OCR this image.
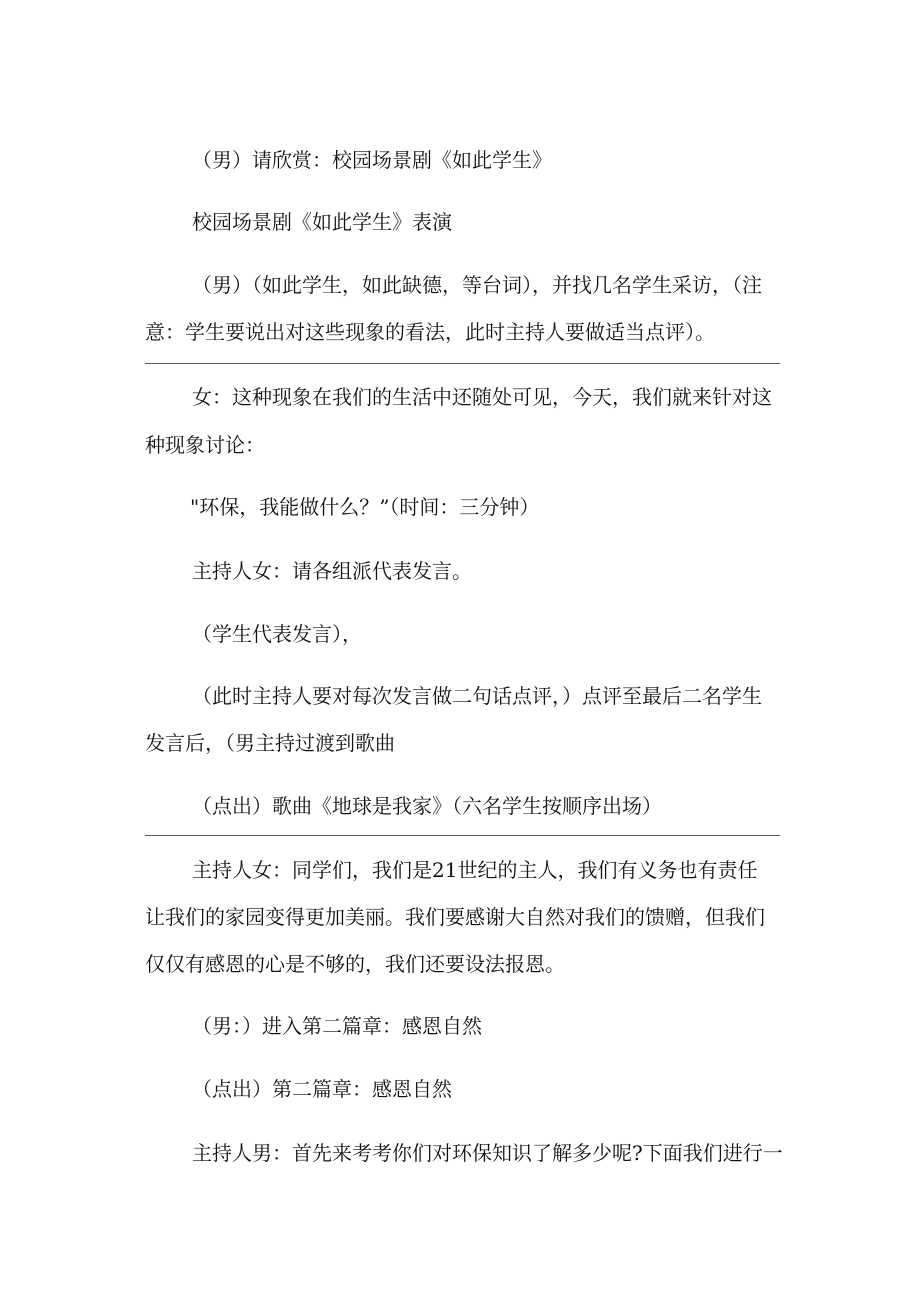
（男）请欣赏：校园场景剧《如此学生》
校园场景剧《如此学生》表演
（男）（如此学生，如此缺德，等台词），并找几名学生采访，（注
意：学生要说出对这些现象的看法，此时主持人要做适当点评）。
女：这种现象在我们的生活中还随处可见，今天，我们就来针对这
种现象讨论：
"环保，我能做什么？”（时间：三分钟）
主持人女：请各组派代表发言。
（学生代表发言），
（此时主持人要对每次发言做二句话点评，）点评至最后二名学生
发言后，（男主持过渡到歌曲
（点出）歌曲《地球是我家》（六名学生按顺序出场）
主持人女：同学们，我们是21世纪的主人，我们有义务也有责任
让我们的家园变得更加美丽。我们要感谢大自然对我们的馈赠，但我们
仅仅有感恩的心是不够的，我们还要设法报恩。
（男：）进入第二篇章：感恩自然
（点出）第二篇章：感恩自然
主持人男：首先来考考你们对环保知识了解多少呢?下面我们进行一
